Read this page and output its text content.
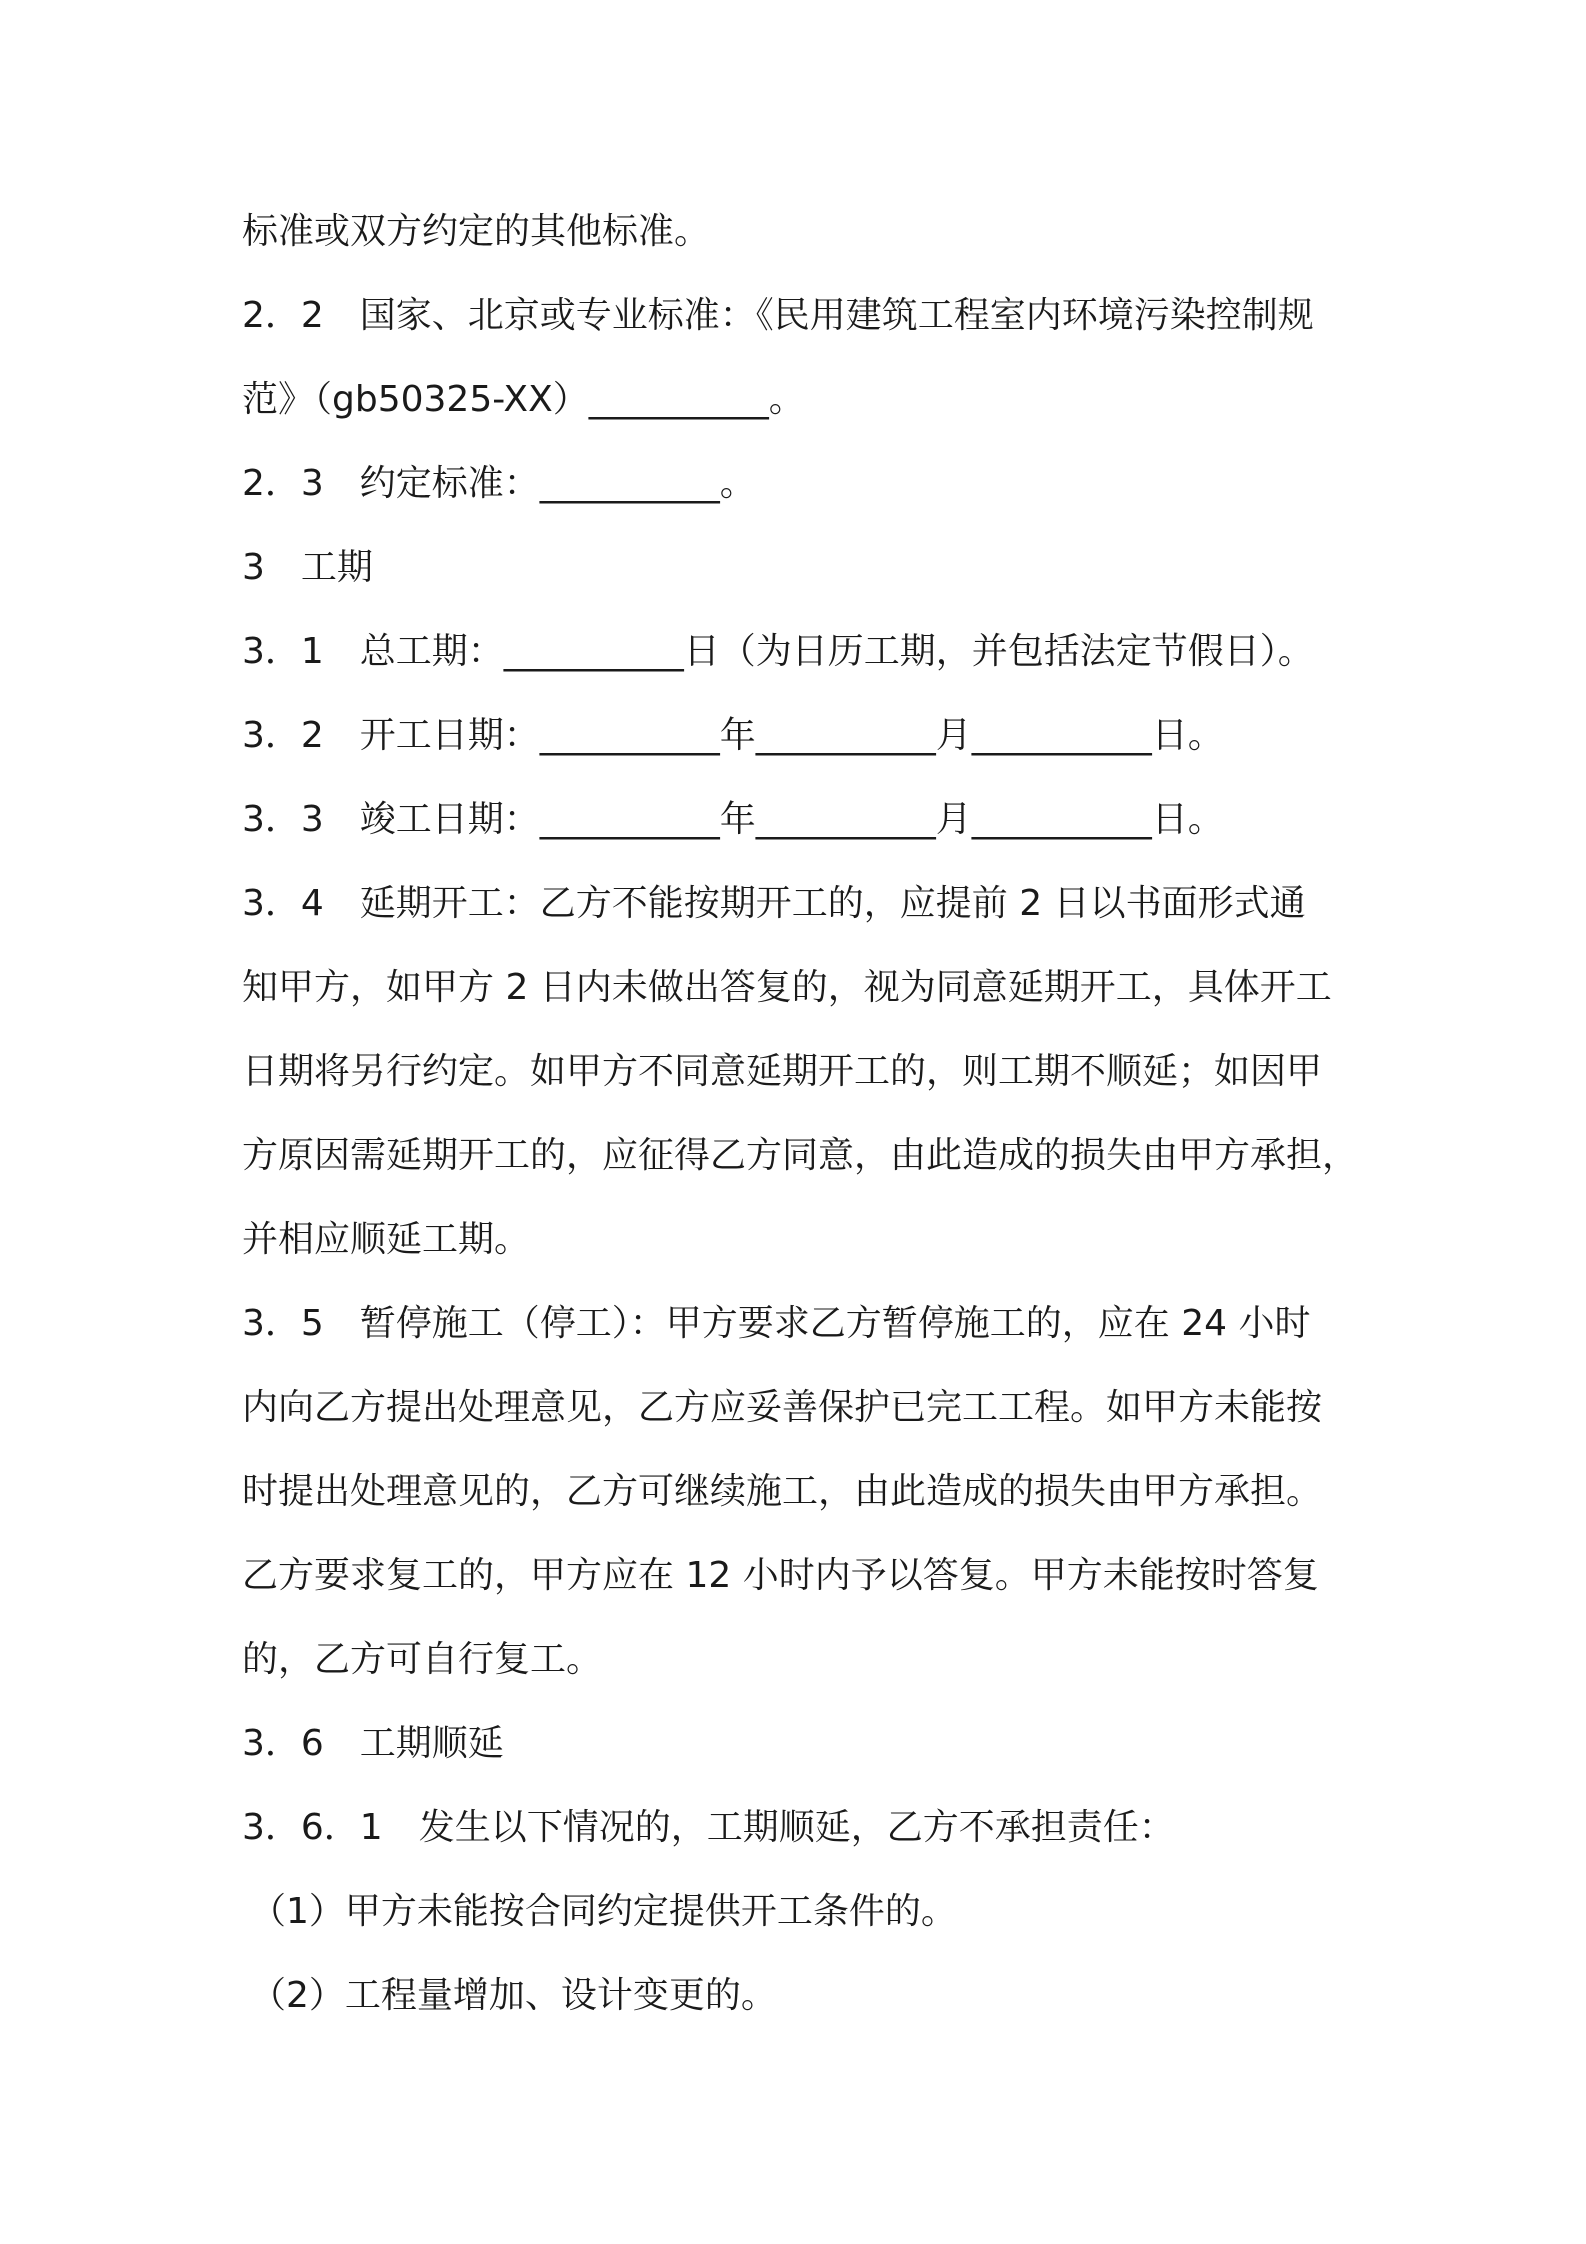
标准或双方约定的其他标准。
2．2　国家、北京或专业标准：《民用建筑工程室内环境污染控制规
范》（gb50325-XX）__________。
2．3　约定标准：__________。
3　工期
3．1　总工期：__________日（为日历工期，并包括法定节假日）。
3．2　开工日期：__________年__________月__________日。
3．3　竣工日期：__________年__________月__________日。
3．4　延期开工：乙方不能按期开工的，应提前 2 日以书面形式通
知甲方，如甲方 2 日内未做出答复的，视为同意延期开工，具体开工
日期将另行约定。如甲方不同意延期开工的，则工期不顺延；如因甲
方原因需延期开工的，应征得乙方同意，由此造成的损失由甲方承担，
并相应顺延工期。
3．5　暂停施工（停工）：甲方要求乙方暂停施工的，应在 24 小时
内向乙方提出处理意见，乙方应妥善保护已完工工程。如甲方未能按
时提出处理意见的，乙方可继续施工，由此造成的损失由甲方承担。
乙方要求复工的，甲方应在 12 小时内予以答复。甲方未能按时答复
的，乙方可自行复工。
3．6　工期顺延
3．6．1　发生以下情况的，工期顺延，乙方不承担责任：
（1）甲方未能按合同约定提供开工条件的。
（2）工程量增加、设计变更的。
